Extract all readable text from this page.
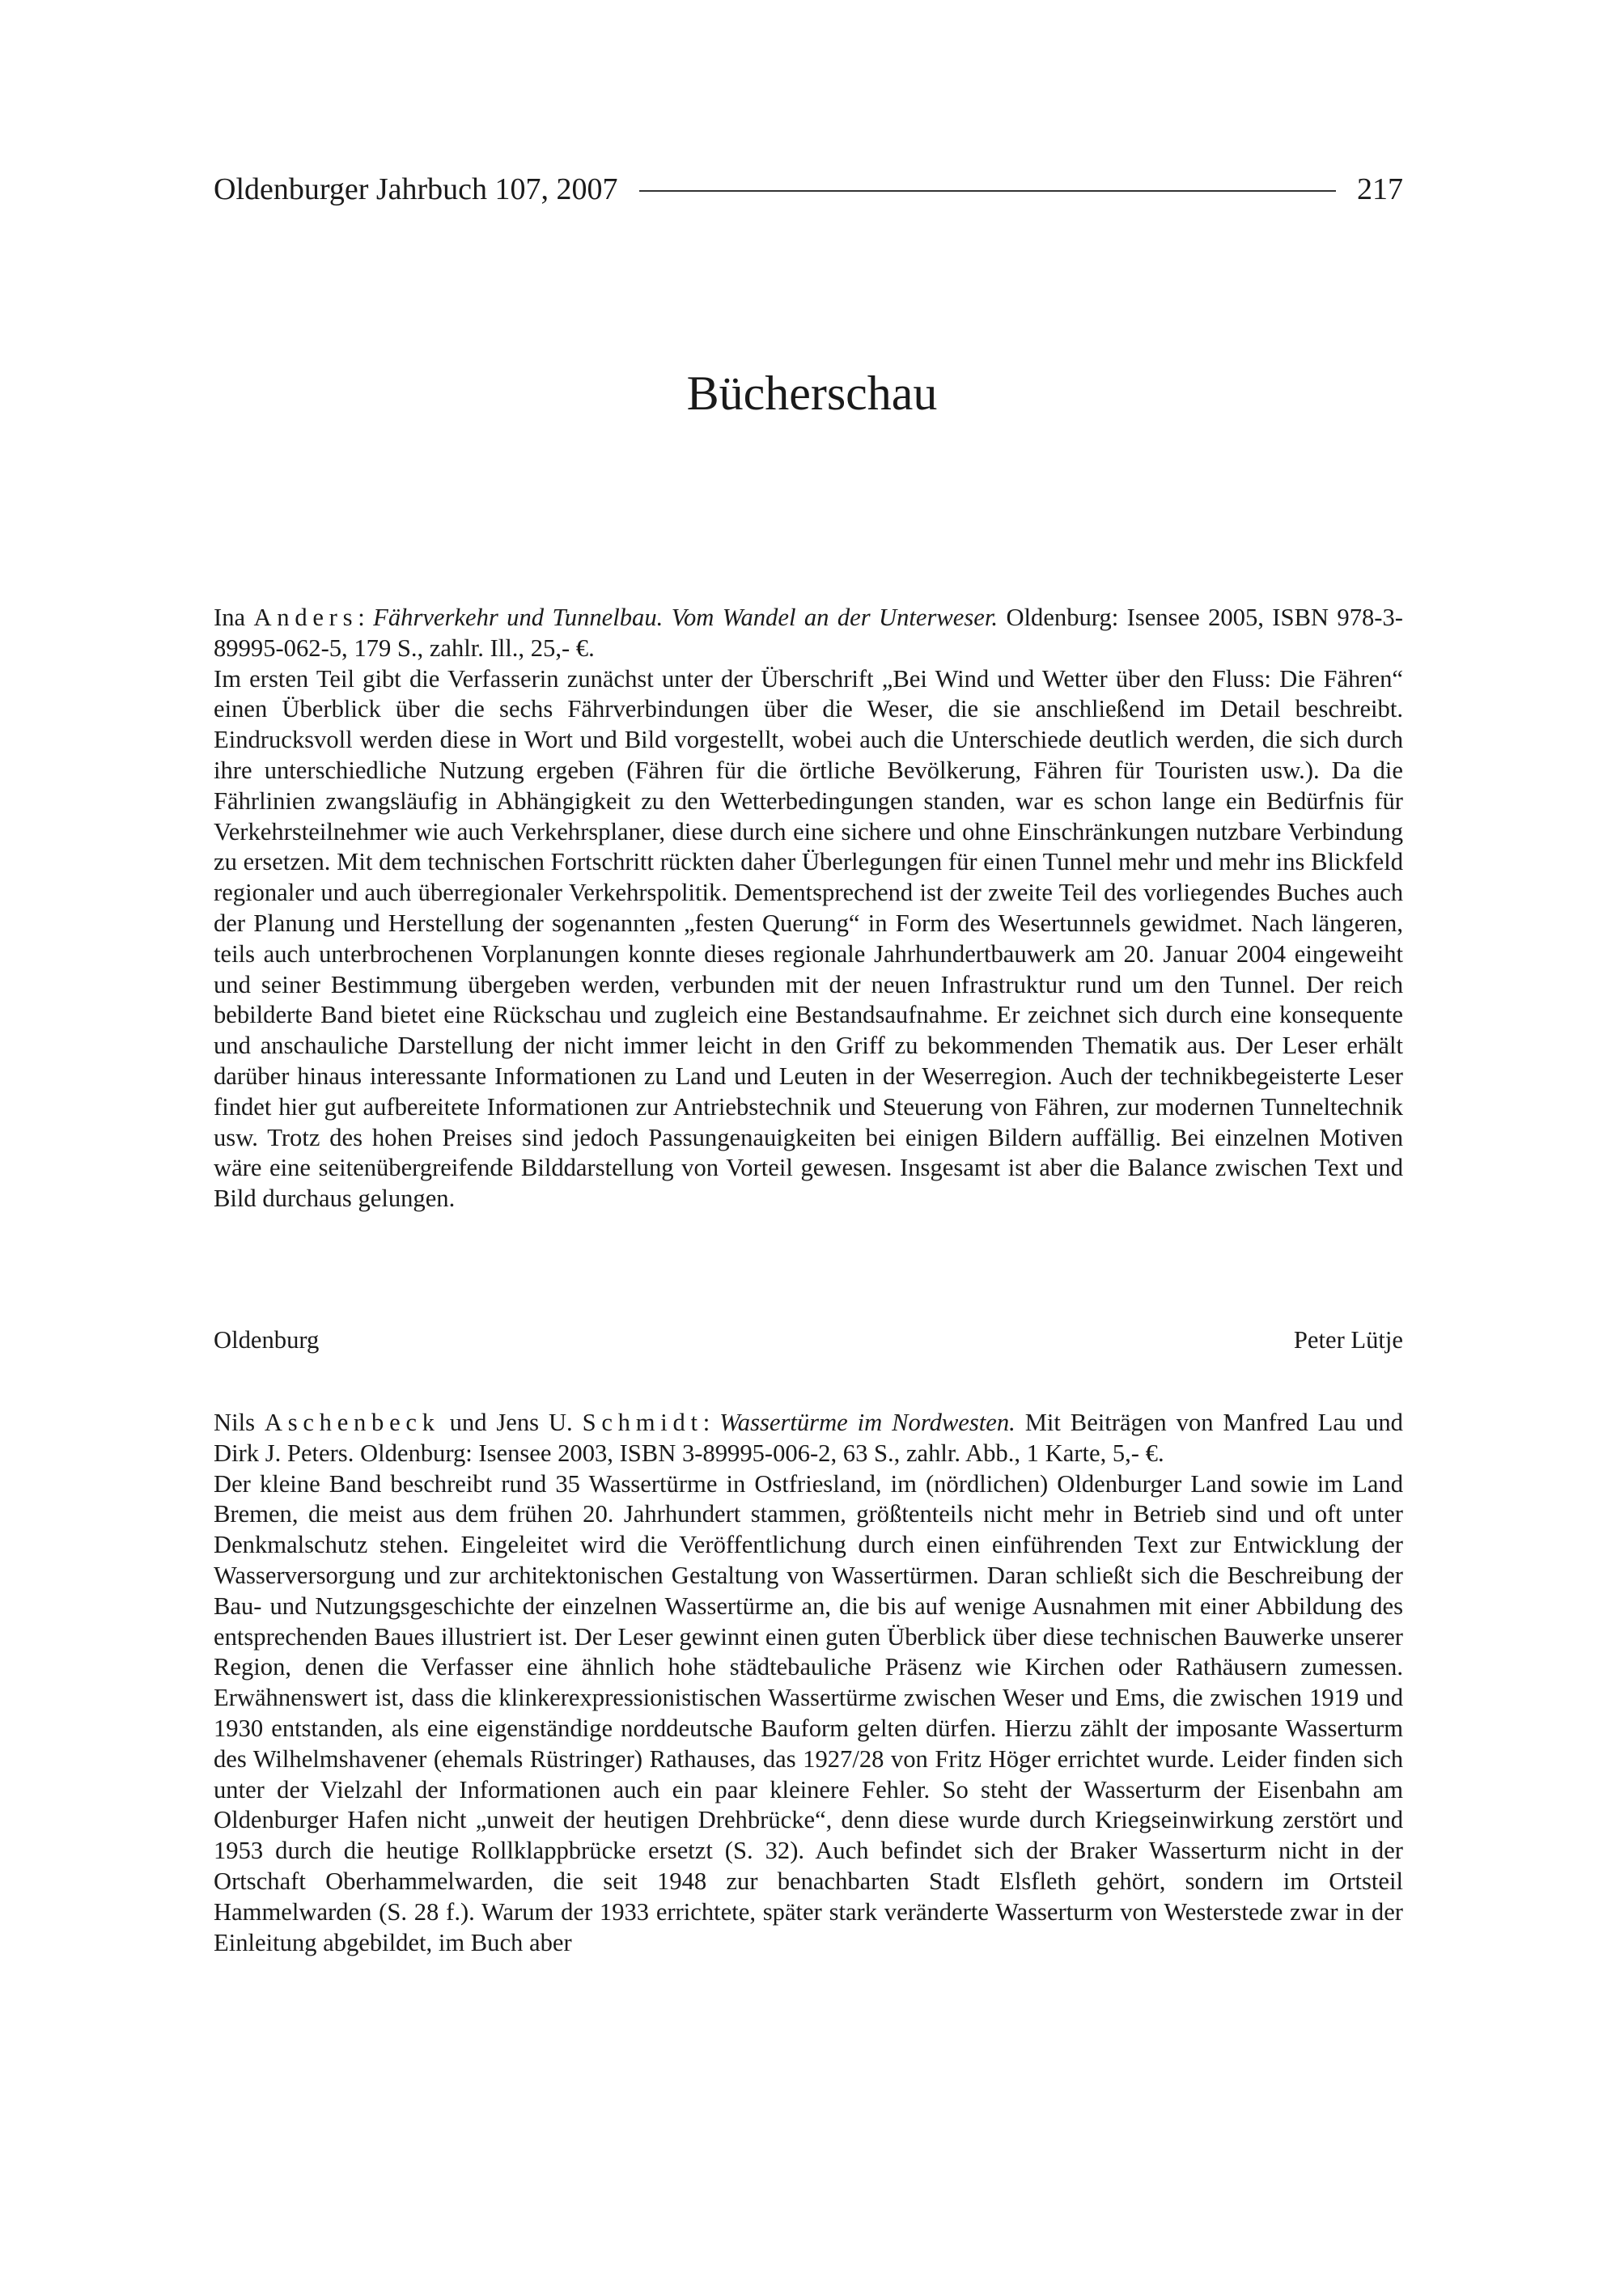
Oldenburger Jahrbuch 107, 2007	217
Bücherschau

Ina Anders: Fährverkehr und Tunnelbau. Vom Wandel an der Unterweser. Oldenburg: Isensee 2005, ISBN 978-3-89995-062-5, 179 S., zahlr. Ill., 25,- €.

Im ersten Teil gibt die Verfasserin zunächst unter der Überschrift „Bei Wind und Wetter über den Fluss: Die Fähren“ einen Überblick über die sechs Fährverbindungen über die Weser, die sie anschließend im Detail beschreibt. Eindrucksvoll werden diese in Wort und Bild vorgestellt, wobei auch die Unterschiede deutlich werden, die sich durch ihre unterschiedliche Nutzung ergeben (Fähren für die örtliche Bevölkerung, Fähren für Touristen usw.). Da die Fährlinien zwangsläufig in Abhängigkeit zu den Wetterbedingungen standen, war es schon lange ein Bedürfnis für Verkehrsteilnehmer wie auch Verkehrsplaner, diese durch eine sichere und ohne Einschränkungen nutzbare Verbindung zu ersetzen. Mit dem technischen Fortschritt rückten daher Überlegungen für einen Tunnel mehr und mehr ins Blickfeld regionaler und auch überregionaler Verkehrspolitik. Dementsprechend ist der zweite Teil des vorliegendes Buches auch der Planung und Herstellung der sogenannten „festen Querung“ in Form des Wesertunnels gewidmet. Nach längeren, teils auch unterbrochenen Vorplanungen konnte dieses regionale Jahrhundertbauwerk am 20. Januar 2004 eingeweiht und seiner Bestimmung übergeben werden, verbunden mit der neuen Infrastruktur rund um den Tunnel. Der reich bebilderte Band bietet eine Rückschau und zugleich eine Bestandsaufnahme. Er zeichnet sich durch eine konsequente und anschauliche Darstellung der nicht immer leicht in den Griff zu bekommenden Thematik aus. Der Leser erhält darüber hinaus interessante Informationen zu Land und Leuten in der Weserregion. Auch der technikbegeisterte Leser findet hier gut aufbereitete Informationen zur Antriebstechnik und Steuerung von Fähren, zur modernen Tunneltechnik usw. Trotz des hohen Preises sind jedoch Passungenauigkeiten bei einigen Bildern auffällig. Bei einzelnen Motiven wäre eine seitenübergreifende Bilddarstellung von Vorteil gewesen. Insgesamt ist aber die Balance zwischen Text und Bild durchaus gelungen.

Oldenburg	Peter Lütje

Nils Aschenbeck und Jens U. Schmidt: Wassertürme im Nordwesten. Mit Beiträgen von Manfred Lau und Dirk J. Peters. Oldenburg: Isensee 2003, ISBN 3-89995-006-2, 63 S., zahlr. Abb., 1 Karte, 5,- €.

Der kleine Band beschreibt rund 35 Wassertürme in Ostfriesland, im (nördlichen) Oldenburger Land sowie im Land Bremen, die meist aus dem frühen 20. Jahrhundert stammen, größtenteils nicht mehr in Betrieb sind und oft unter Denkmalschutz stehen. Eingeleitet wird die Veröffentlichung durch einen einführenden Text zur Entwicklung der Wasserversorgung und zur architektonischen Gestaltung von Wassertürmen. Daran schließt sich die Beschreibung der Bau- und Nutzungsgeschichte der einzelnen Wassertürme an, die bis auf wenige Ausnahmen mit einer Abbildung des entsprechenden Baues illustriert ist. Der Leser gewinnt einen guten Überblick über diese technischen Bauwerke unserer Region, denen die Verfasser eine ähnlich hohe städtebauliche Präsenz wie Kirchen oder Rathäusern zumessen. Erwähnenswert ist, dass die klinkerexpressionistischen Wassertürme zwischen Weser und Ems, die zwischen 1919 und 1930 entstanden, als eine eigenständige norddeutsche Bauform gelten dürfen. Hierzu zählt der imposante Wasserturm des Wilhelmshavener (ehemals Rüstringer) Rathauses, das 1927/28 von Fritz Höger errichtet wurde. Leider finden sich unter der Vielzahl der Informationen auch ein paar kleinere Fehler. So steht der Wasserturm der Eisenbahn am Oldenburger Hafen nicht „unweit der heutigen Drehbrücke“, denn diese wurde durch Kriegseinwirkung zerstört und 1953 durch die heutige Rollklappbrücke ersetzt (S. 32). Auch befindet sich der Braker Wasserturm nicht in der Ortschaft Oberhammelwarden, die seit 1948 zur benachbarten Stadt Elsfleth gehört, sondern im Ortsteil Hammelwarden (S. 28 f.). Warum der 1933 errichtete, später stark veränderte Wasserturm von Westerstede zwar in der Einleitung abgebildet, im Buch aber
